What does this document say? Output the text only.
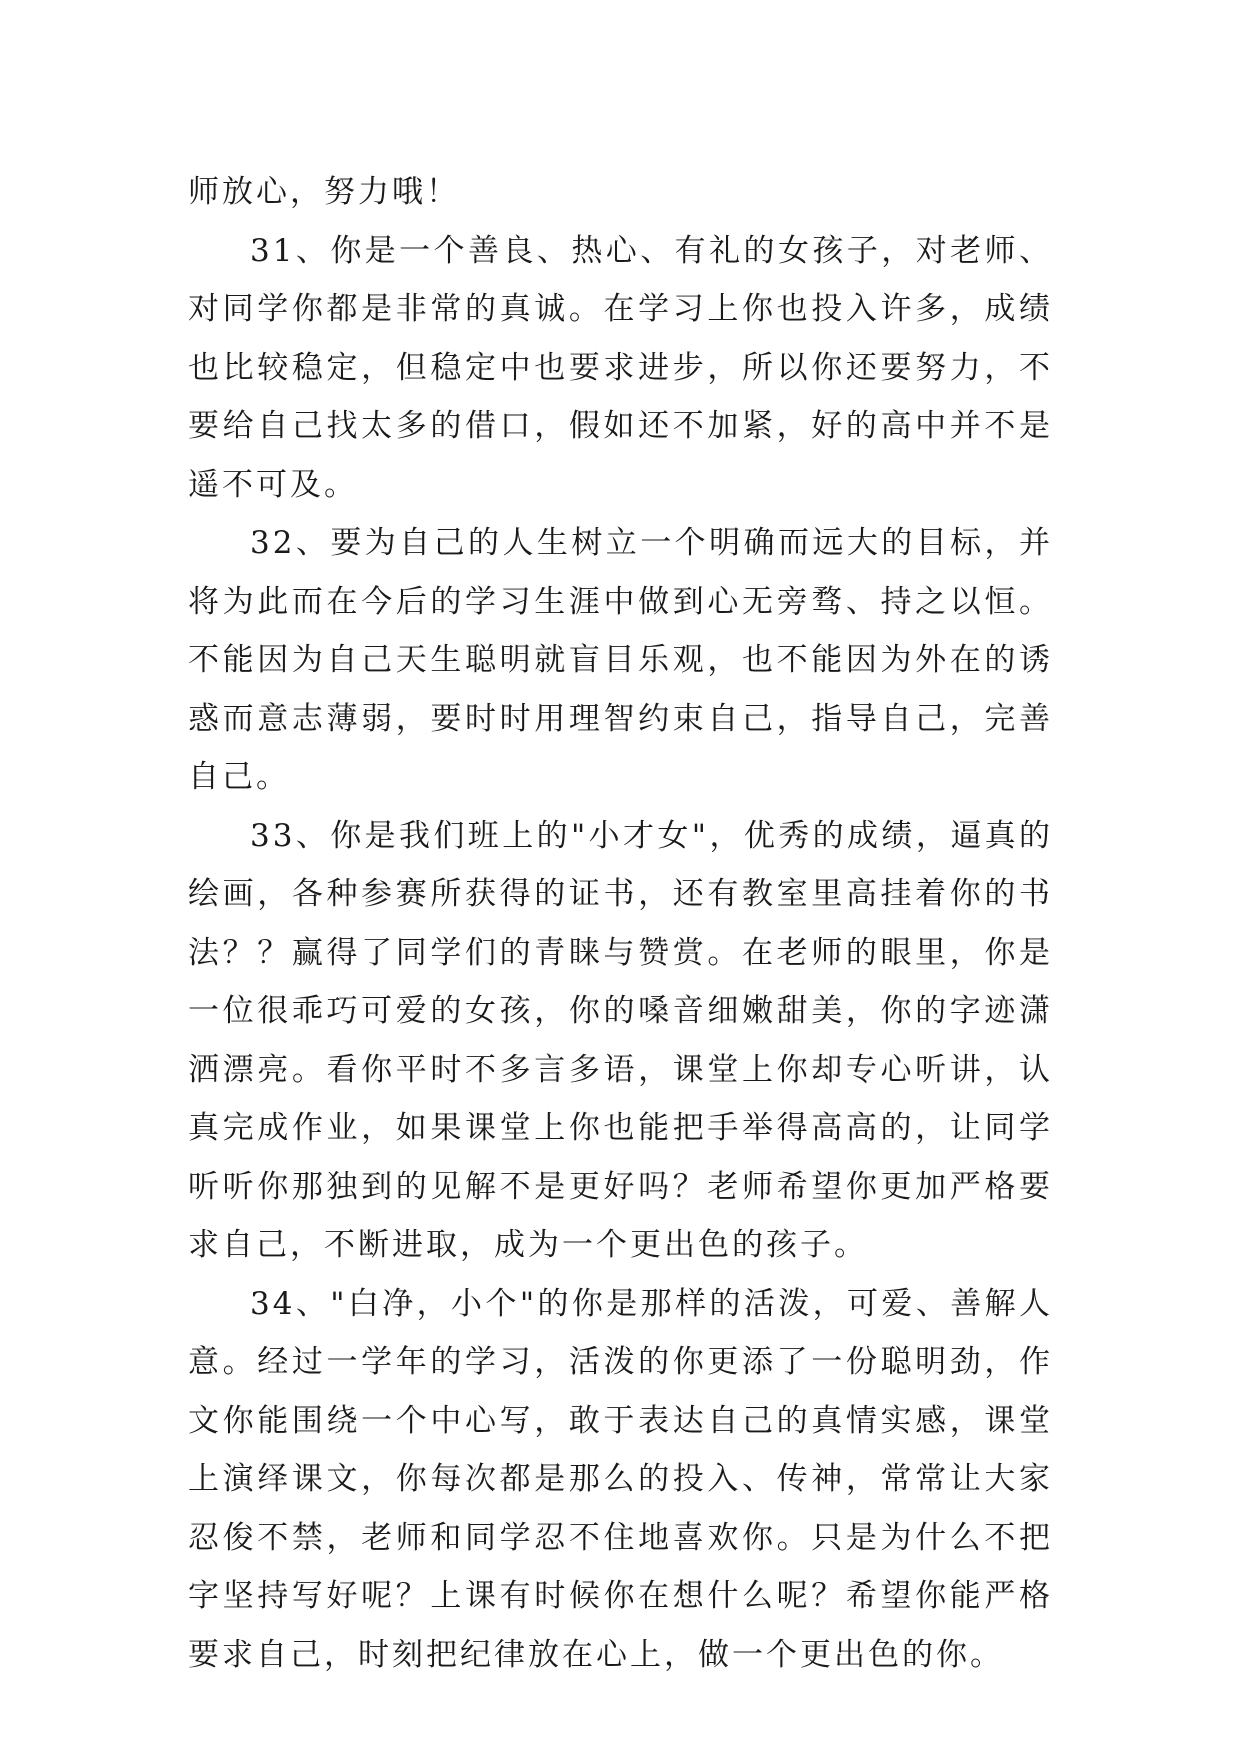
师放心，努力哦！

31、你是一个善良、热心、有礼的女孩子，对老师、对同学你都是非常的真诚。在学习上你也投入许多，成绩也比较稳定，但稳定中也要求进步，所以你还要努力，不要给自己找太多的借口，假如还不加紧，好的高中并不是遥不可及。

32、要为自己的人生树立一个明确而远大的目标，并将为此而在今后的学习生涯中做到心无旁骛、持之以恒。不能因为自己天生聪明就盲目乐观，也不能因为外在的诱惑而意志薄弱，要时时用理智约束自己，指导自己，完善自己。

33、你是我们班上的"小才女"，优秀的成绩，逼真的绘画，各种参赛所获得的证书，还有教室里高挂着你的书法？？赢得了同学们的青睐与赞赏。在老师的眼里，你是一位很乖巧可爱的女孩，你的嗓音细嫩甜美，你的字迹潇洒漂亮。看你平时不多言多语，课堂上你却专心听讲，认真完成作业，如果课堂上你也能把手举得高高的，让同学听听你那独到的见解不是更好吗？老师希望你更加严格要求自己，不断进取，成为一个更出色的孩子。

34、"白净，小个"的你是那样的活泼，可爱、善解人意。经过一学年的学习，活泼的你更添了一份聪明劲，作文你能围绕一个中心写，敢于表达自己的真情实感，课堂上演绎课文，你每次都是那么的投入、传神，常常让大家忍俊不禁，老师和同学忍不住地喜欢你。只是为什么不把字坚持写好呢？上课有时候你在想什么呢？希望你能严格要求自己，时刻把纪律放在心上，做一个更出色的你。
